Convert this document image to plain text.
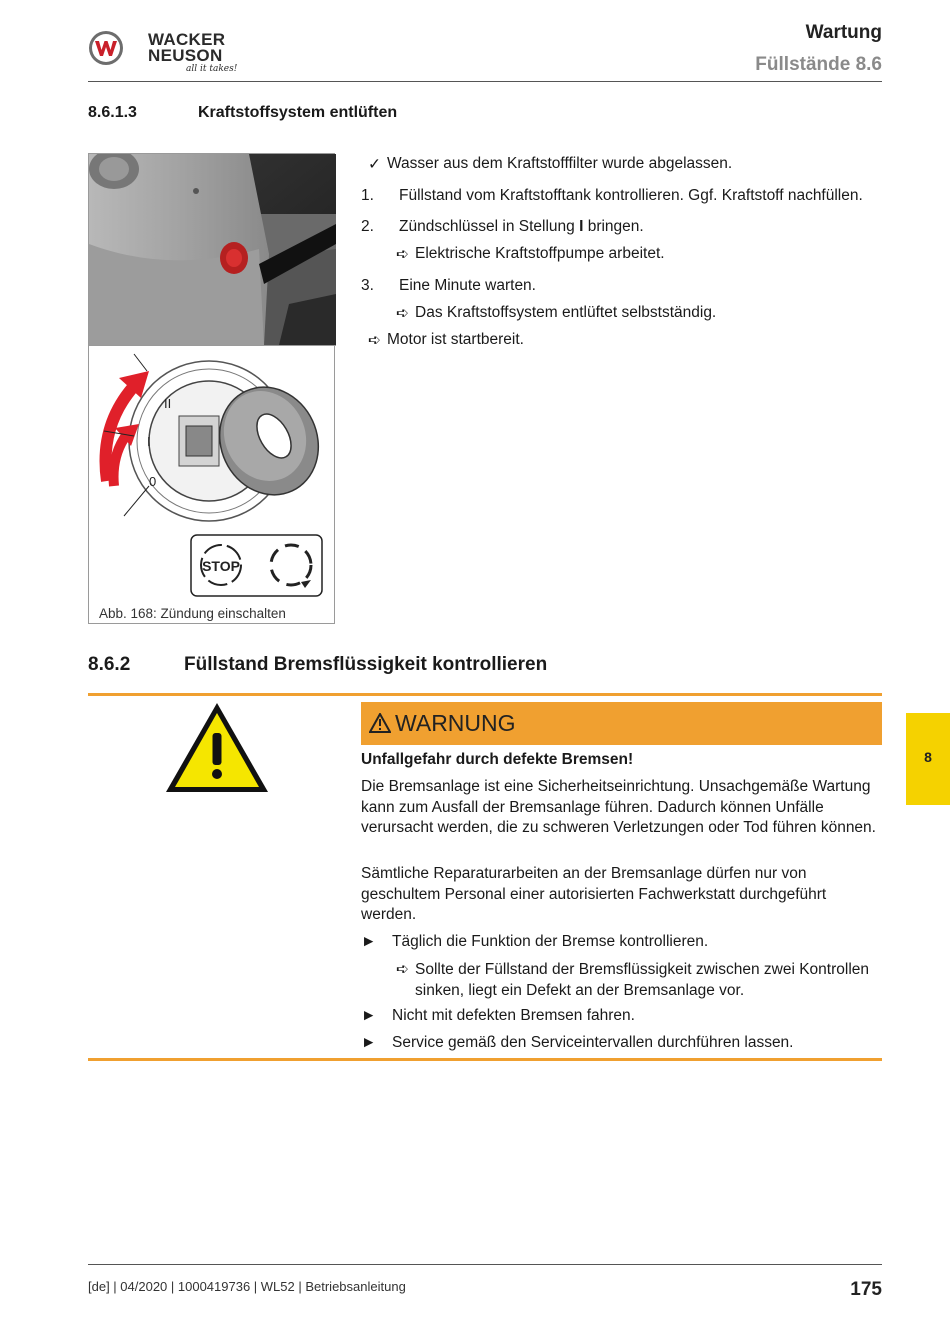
WACKER
NEUSON
all it takes!
Wartung
Füllstände 8.6
8.6.1.3	Kraftstoffsystem entlüften
II
I
0
STOP
Abb. 168: Zündung einschalten
✓ Wasser aus dem Kraftstofffilter wurde abgelassen.
1. Füllstand vom Kraftstofftank kontrollieren. Ggf. Kraftstoff nachfüllen.
2. Zündschlüssel in Stellung I bringen.
➪ Elektrische Kraftstoffpumpe arbeitet.
3. Eine Minute warten.
➪ Das Kraftstoffsystem entlüftet selbstständig.
➪ Motor ist startbereit.
8.6.2	Füllstand Bremsflüssigkeit kontrollieren
WARNUNG
Unfallgefahr durch defekte Bremsen!
Die Bremsanlage ist eine Sicherheitseinrichtung. Unsachgemäße Wartung kann zum Ausfall der Bremsanlage führen. Dadurch können Unfälle verursacht werden, die zu schweren Verletzungen oder Tod führen können.
Sämtliche Reparaturarbeiten an der Bremsanlage dürfen nur von geschultem Personal einer autorisierten Fachwerkstatt durchgeführt werden.
► Täglich die Funktion der Bremse kontrollieren.
➪ Sollte der Füllstand der Bremsflüssigkeit zwischen zwei Kontrollen sinken, liegt ein Defekt an der Bremsanlage vor.
► Nicht mit defekten Bremsen fahren.
► Service gemäß den Serviceintervallen durchführen lassen.
8
[de] | 04/2020 | 1000419736 | WL52 | Betriebsanleitung	175
